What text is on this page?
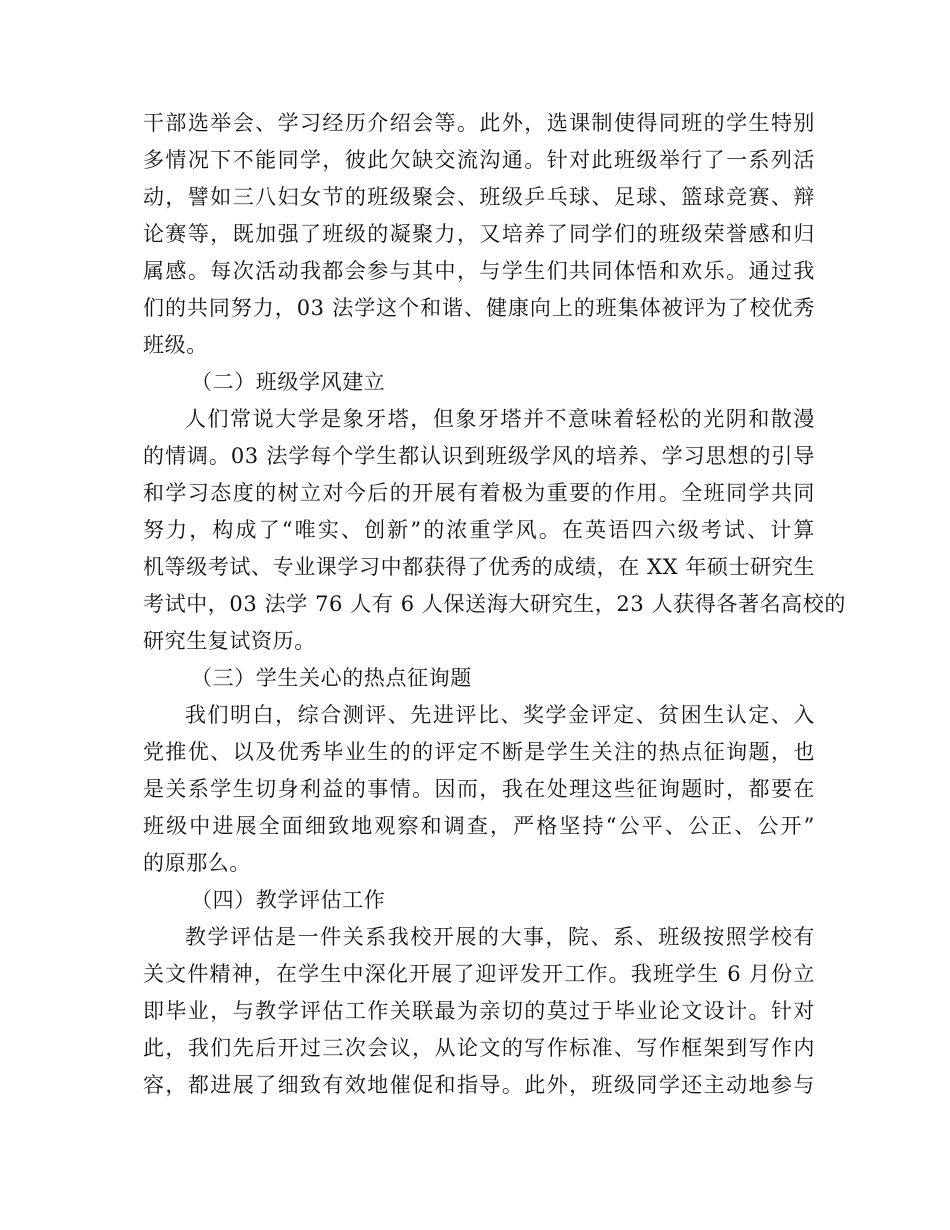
干部选举会、学习经历介绍会等。此外，选课制使得同班的学生特别
多情况下不能同学，彼此欠缺交流沟通。针对此班级举行了一系列活
动，譬如三八妇女节的班级聚会、班级乒乓球、足球、篮球竞赛、辩
论赛等，既加强了班级的凝聚力，又培养了同学们的班级荣誉感和归
属感。每次活动我都会参与其中，与学生们共同体悟和欢乐。通过我
们的共同努力，03 法学这个和谐、健康向上的班集体被评为了校优秀
班级。
（二）班级学风建立
人们常说大学是象牙塔，但象牙塔并不意味着轻松的光阴和散漫
的情调。03 法学每个学生都认识到班级学风的培养、学习思想的引导
和学习态度的树立对今后的开展有着极为重要的作用。全班同学共同
努力，构成了“唯实、创新”的浓重学风。在英语四六级考试、计算
机等级考试、专业课学习中都获得了优秀的成绩，在 XX 年硕士研究生
考试中，03 法学 76 人有 6 人保送海大研究生，23 人获得各著名高校的
研究生复试资历。
（三）学生关心的热点征询题
我们明白，综合测评、先进评比、奖学金评定、贫困生认定、入
党推优、以及优秀毕业生的的评定不断是学生关注的热点征询题，也
是关系学生切身利益的事情。因而，我在处理这些征询题时，都要在
班级中进展全面细致地观察和调查，严格坚持“公平、公正、公开”
的原那么。
（四）教学评估工作
教学评估是一件关系我校开展的大事，院、系、班级按照学校有
关文件精神，在学生中深化开展了迎评发开工作。我班学生 6 月份立
即毕业，与教学评估工作关联最为亲切的莫过于毕业论文设计。针对
此，我们先后开过三次会议，从论文的写作标准、写作框架到写作内
容，都进展了细致有效地催促和指导。此外，班级同学还主动地参与
